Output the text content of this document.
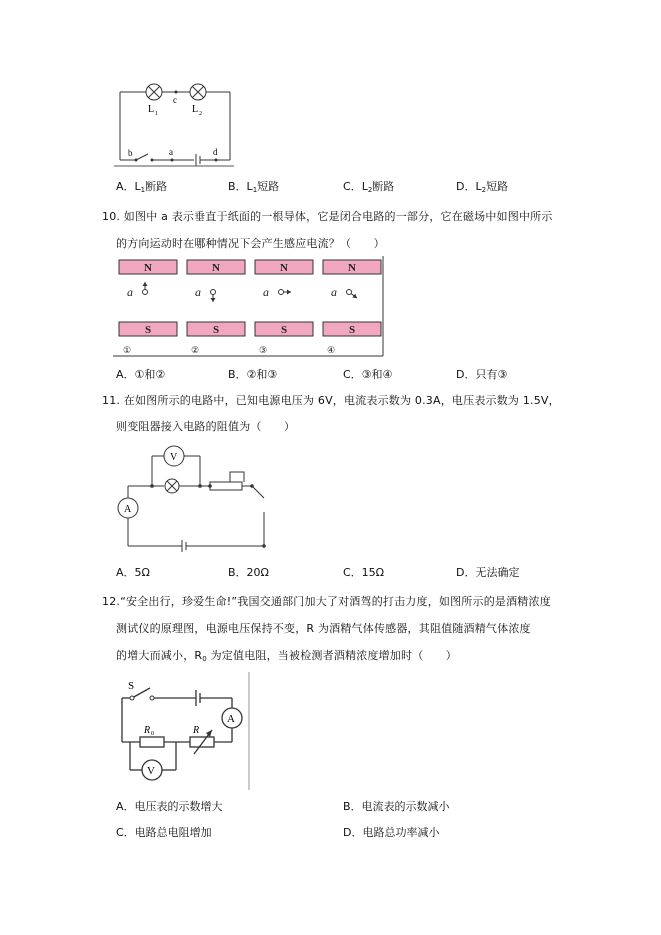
L 1	L 2
c
b	a	d
A．$L_1$断路	B．$L_1$短路	C．$L_2$断路	D．$L_2$短路
10. 如图中 a 表示垂直于纸面的一根导体，它是闭合电路的一部分，它在磁场中如图中所示
的方向运动时在哪种情况下会产生感应电流？（　　）
N
S
a
①
N
S
a
②
N
S
a
③
N
S
a
④
A．①和②	B．②和③	C．③和④	D．只有③
11. 在如图所示的电路中，已知电源电压为 6V，电流表示数为 0.3A，电压表示数为 1.5V，
则变阻器接入电路的阻值为（　　）
V
A
A．5Ω	B．20Ω	C．15Ω	D．无法确定
12.“安全出行，珍爱生命!”我国交通部门加大了对酒驾的打击力度，如图所示的是酒精浓度
测试仪的原理图，电源电压保持不变，R 为酒精气体传感器，其阻值随酒精气体浓度
的增大而减小，$R_0$ 为定值电阻，当被检测者酒精浓度增加时（　　）
S
R 0	R
A
V
A．电压表的示数增大	B．电流表的示数减小
C．电路总电阻增加	D．电路总功率减小
